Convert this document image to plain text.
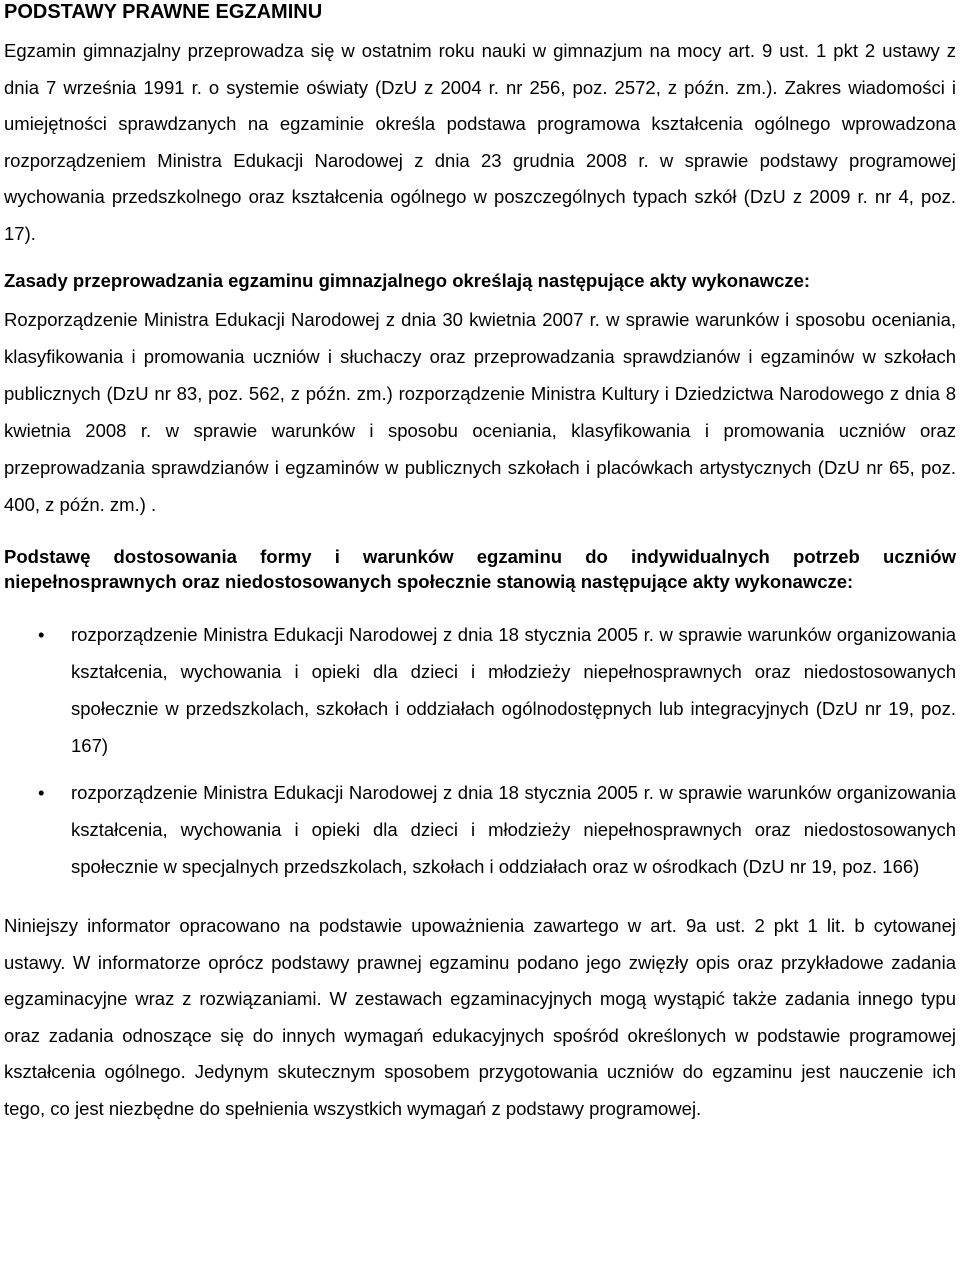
PODSTAWY PRAWNE EGZAMINU

Egzamin gimnazjalny przeprowadza się w ostatnim roku nauki w gimnazjum na mocy art. 9 ust. 1 pkt 2 ustawy z dnia 7 września 1991 r. o systemie oświaty (DzU z 2004 r. nr 256, poz. 2572, z późn. zm.). Zakres wiadomości i umiejętności sprawdzanych na egzaminie określa podstawa programowa kształcenia ogólnego wprowadzona rozporządzeniem Ministra Edukacji Narodowej z dnia 23 grudnia 2008 r. w sprawie podstawy programowej wychowania przedszkolnego oraz kształcenia ogólnego w poszczególnych typach szkół (DzU z 2009 r. nr 4, poz. 17).

Zasady przeprowadzania egzaminu gimnazjalnego określają następujące akty wykonawcze:

Rozporządzenie Ministra Edukacji Narodowej z dnia 30 kwietnia 2007 r. w sprawie warunków i sposobu oceniania, klasyfikowania i promowania uczniów i słuchaczy oraz przeprowadzania sprawdzianów i egzaminów w szkołach publicznych (DzU nr 83, poz. 562, z późn. zm.) rozporządzenie Ministra Kultury i Dziedzictwa Narodowego z dnia 8 kwietnia 2008 r. w sprawie warunków i sposobu oceniania, klasyfikowania i promowania uczniów oraz przeprowadzania sprawdzianów i egzaminów w publicznych szkołach i placówkach artystycznych (DzU nr 65, poz. 400, z późn. zm.) .

Podstawę dostosowania formy i warunków egzaminu do indywidualnych potrzeb uczniów niepełnosprawnych oraz niedostosowanych społecznie stanowią następujące akty wykonawcze:

• rozporządzenie Ministra Edukacji Narodowej z dnia 18 stycznia 2005 r. w sprawie warunków organizowania kształcenia, wychowania i opieki dla dzieci i młodzieży niepełnosprawnych oraz niedostosowanych społecznie w przedszkolach, szkołach i oddziałach ogólnodostępnych lub integracyjnych (DzU nr 19, poz. 167)
• rozporządzenie Ministra Edukacji Narodowej z dnia 18 stycznia 2005 r. w sprawie warunków organizowania kształcenia, wychowania i opieki dla dzieci i młodzieży niepełnosprawnych oraz niedostosowanych społecznie w specjalnych przedszkolach, szkołach i oddziałach oraz w ośrodkach (DzU nr 19, poz. 166)

Niniejszy informator opracowano na podstawie upoważnienia zawartego w art. 9a ust. 2 pkt 1 lit. b cytowanej ustawy. W informatorze oprócz podstawy prawnej egzaminu podano jego zwięzły opis oraz przykładowe zadania egzaminacyjne wraz z rozwiązaniami. W zestawach egzaminacyjnych mogą wystąpić także zadania innego typu oraz zadania odnoszące się do innych wymagań edukacyjnych spośród określonych w podstawie programowej kształcenia ogólnego. Jedynym skutecznym sposobem przygotowania uczniów do egzaminu jest nauczenie ich tego, co jest niezbędne do spełnienia wszystkich wymagań z podstawy programowej.
